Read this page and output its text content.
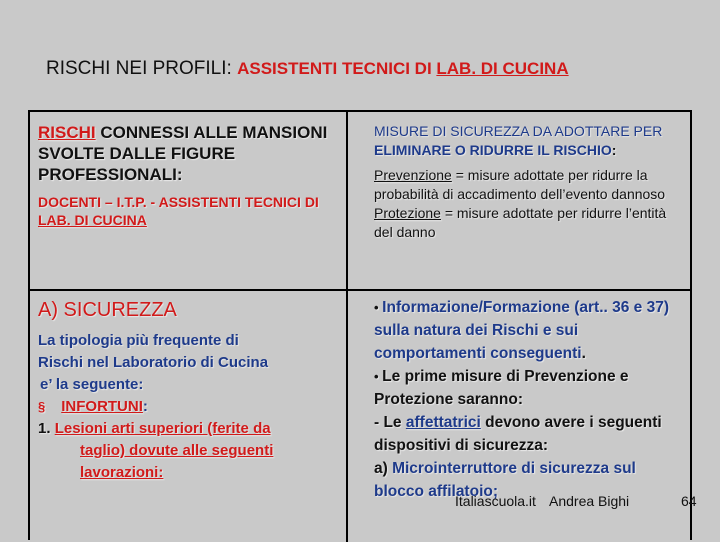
RISCHI NEI PROFILI: ASSISTENTI TECNICI DI LAB. DI CUCINA
RISCHI CONNESSI ALLE MANSIONI SVOLTE DALLE FIGURE PROFESSIONALI:
DOCENTI – I.T.P. - ASSISTENTI TECNICI DI LAB. DI CUCINA
MISURE DI SICUREZZA DA ADOTTARE PER ELIMINARE O RIDURRE IL RISCHIO:
Prevenzione = misure adottate per ridurre la probabilità di accadimento dell’evento dannoso
Protezione = misure adottate per ridurre l’entità del danno
A) SICUREZZA
La tipologia più frequente di
Rischi nel Laboratorio di Cucina
e’ la seguente:
§ INFORTUNI:
1. Lesioni arti superiori (ferite da
taglio) dovute alle seguenti
lavorazioni:
• Informazione/Formazione (art.. 36 e 37) sulla natura dei Rischi e sui comportamenti conseguenti.
• Le prime misure di Prevenzione e Protezione saranno:
- Le affettatrici devono avere i seguenti dispositivi di sicurezza:
a) Microinterruttore di sicurezza sul blocco affilatoio;
Italiascuola.it Andrea Bighi	64
